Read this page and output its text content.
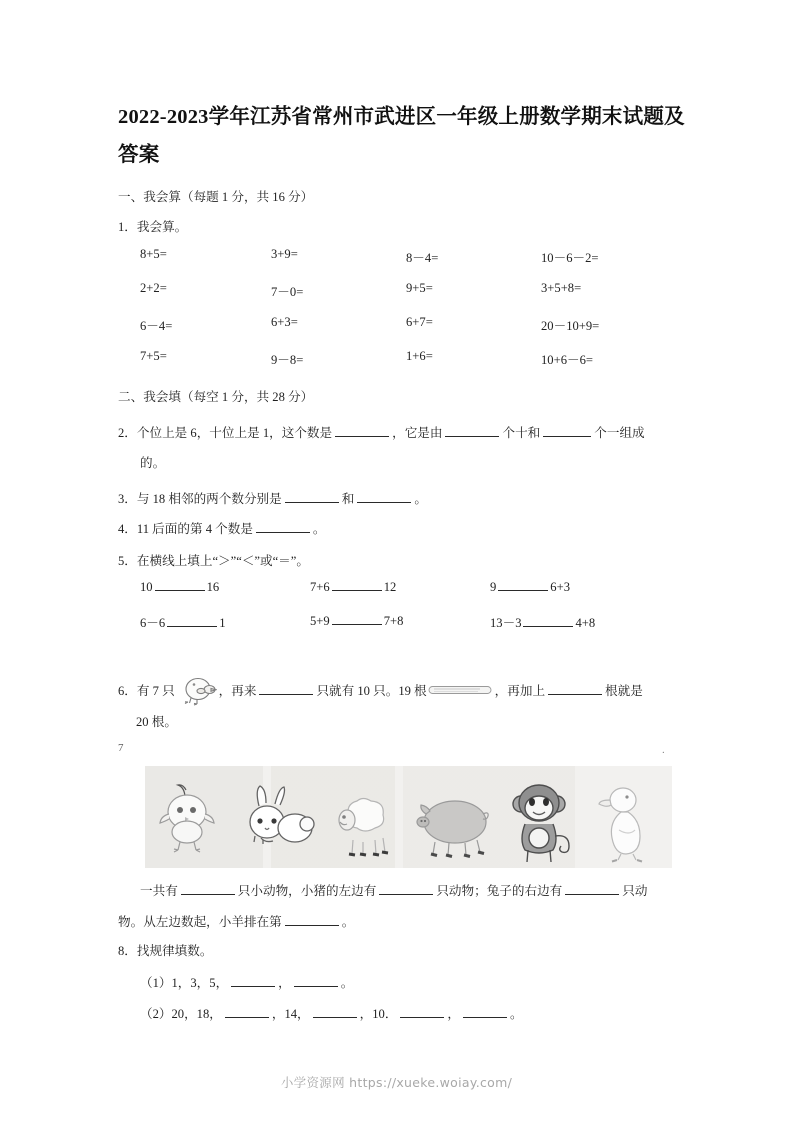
2022-2023学年江苏省常州市武进区一年级上册数学期末试题及答案
一、我会算（每题 1 分，共 16 分）
1．我会算。
8+5=	3+9=	8－4=	10－6－2=
2+2=	7－0=	9+5=	3+5+8=
6－4=	6+3=	6+7=	20－10+9=
7+5=	9－8=	1+6=	10+6－6=
二、我会填（每空 1 分，共 28 分）
2．个位上是 6，十位上是 1，这个数是	，它是由	个十和	个一组成
的。
3．与 18 相邻的两个数分别是	和	。
4．11 后面的第 4 个数是	。
5．在横线上填上“＞”“＜”或“＝”。
10	16	7+6	12	9	6+3
6－6	1	5+9	7+8	13－3	4+8
6．有 7 只	，再来	只就有 10 只。19 根	，再加上	根就是
20 根。
7	.
一共有	只小动物，小猪的左边有	只动物；兔子的右边有	只动
物。从左边数起，小羊排在第	。
8．找规律填数。
（1）1，3，5，	，	。
（2）20，18，	，14，	，10．	，	。
小学资源网 https://xueke.woiay.com/
